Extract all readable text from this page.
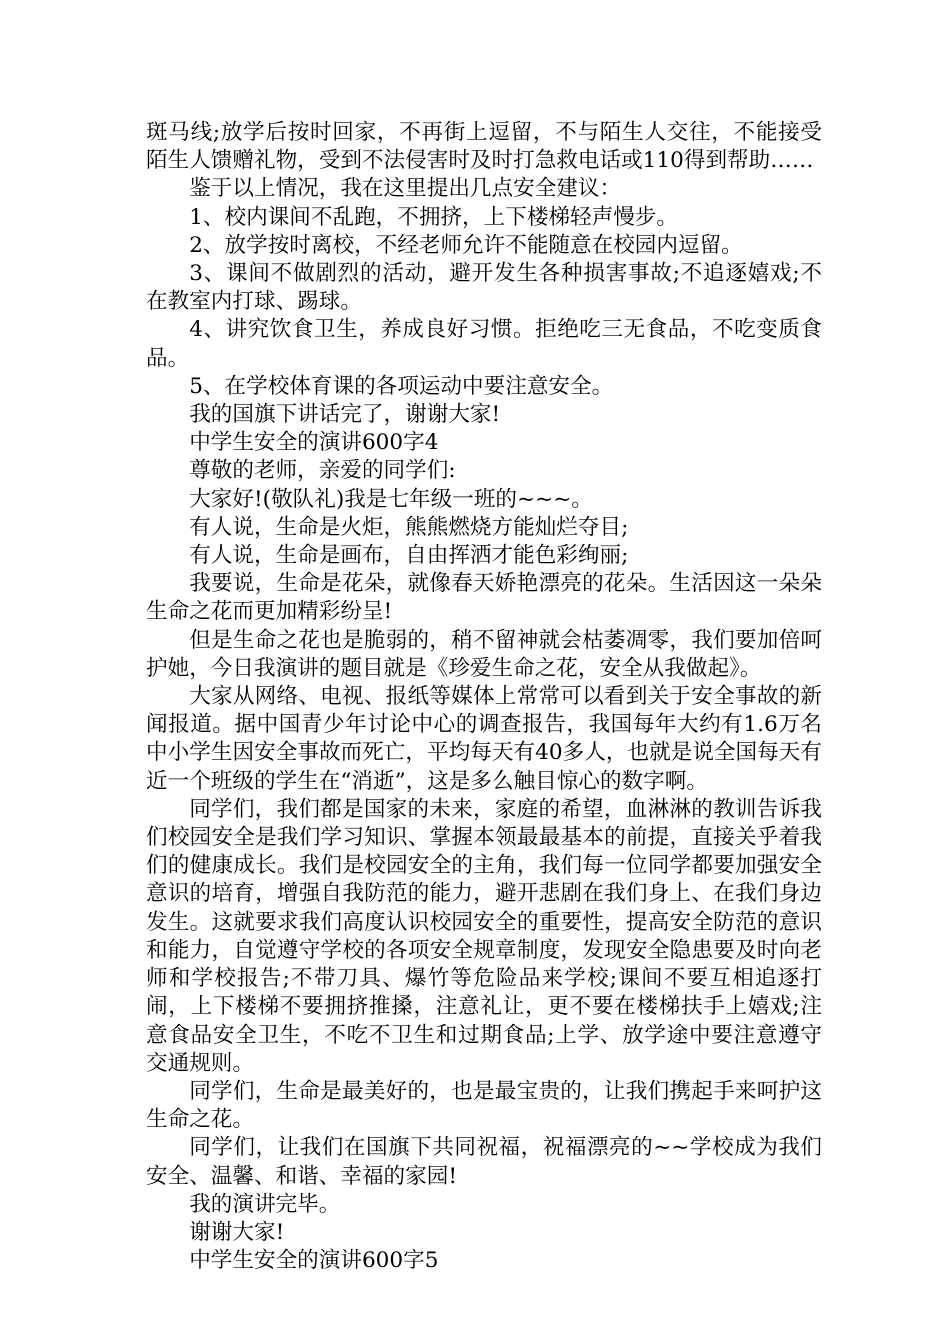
斑马线;放学后按时回家，不再街上逗留，不与陌生人交往，不能接受陌生人馈赠礼物，受到不法侵害时及时打急救电话或110得到帮助……

鉴于以上情况，我在这里提出几点安全建议：

1、校内课间不乱跑，不拥挤，上下楼梯轻声慢步。

2、放学按时离校，不经老师允许不能随意在校园内逗留。

3、课间不做剧烈的活动，避开发生各种损害事故;不追逐嬉戏;不在教室内打球、踢球。

4、讲究饮食卫生，养成良好习惯。拒绝吃三无食品，不吃变质食品。

5、在学校体育课的各项运动中要注意安全。

我的国旗下讲话完了，谢谢大家!

中学生安全的演讲600字4

尊敬的老师，亲爱的同学们:

大家好!(敬队礼)我是七年级一班的~~~。

有人说，生命是火炬，熊熊燃烧方能灿烂夺目;

有人说，生命是画布，自由挥洒才能色彩绚丽;

我要说，生命是花朵，就像春天娇艳漂亮的花朵。生活因这一朵朵生命之花而更加精彩纷呈!

但是生命之花也是脆弱的，稍不留神就会枯萎凋零，我们要加倍呵护她，今日我演讲的题目就是《珍爱生命之花，安全从我做起》。

大家从网络、电视、报纸等媒体上常常可以看到关于安全事故的新闻报道。据中国青少年讨论中心的调查报告，我国每年大约有1.6万名中小学生因安全事故而死亡，平均每天有40多人，也就是说全国每天有近一个班级的学生在“消逝”，这是多么触目惊心的数字啊。

同学们，我们都是国家的未来，家庭的希望，血淋淋的教训告诉我们校园安全是我们学习知识、掌握本领最最基本的前提，直接关乎着我们的健康成长。我们是校园安全的主角，我们每一位同学都要加强安全意识的培育，增强自我防范的能力，避开悲剧在我们身上、在我们身边发生。这就要求我们高度认识校园安全的重要性，提高安全防范的意识和能力，自觉遵守学校的各项安全规章制度，发现安全隐患要及时向老师和学校报告;不带刀具、爆竹等危险品来学校;课间不要互相追逐打闹，上下楼梯不要拥挤推搡，注意礼让，更不要在楼梯扶手上嬉戏;注意食品安全卫生，不吃不卫生和过期食品;上学、放学途中要注意遵守交通规则。

同学们，生命是最美好的，也是最宝贵的，让我们携起手来呵护这生命之花。

同学们，让我们在国旗下共同祝福，祝福漂亮的~~学校成为我们安全、温馨、和谐、幸福的家园!

我的演讲完毕。

谢谢大家!

中学生安全的演讲600字5
